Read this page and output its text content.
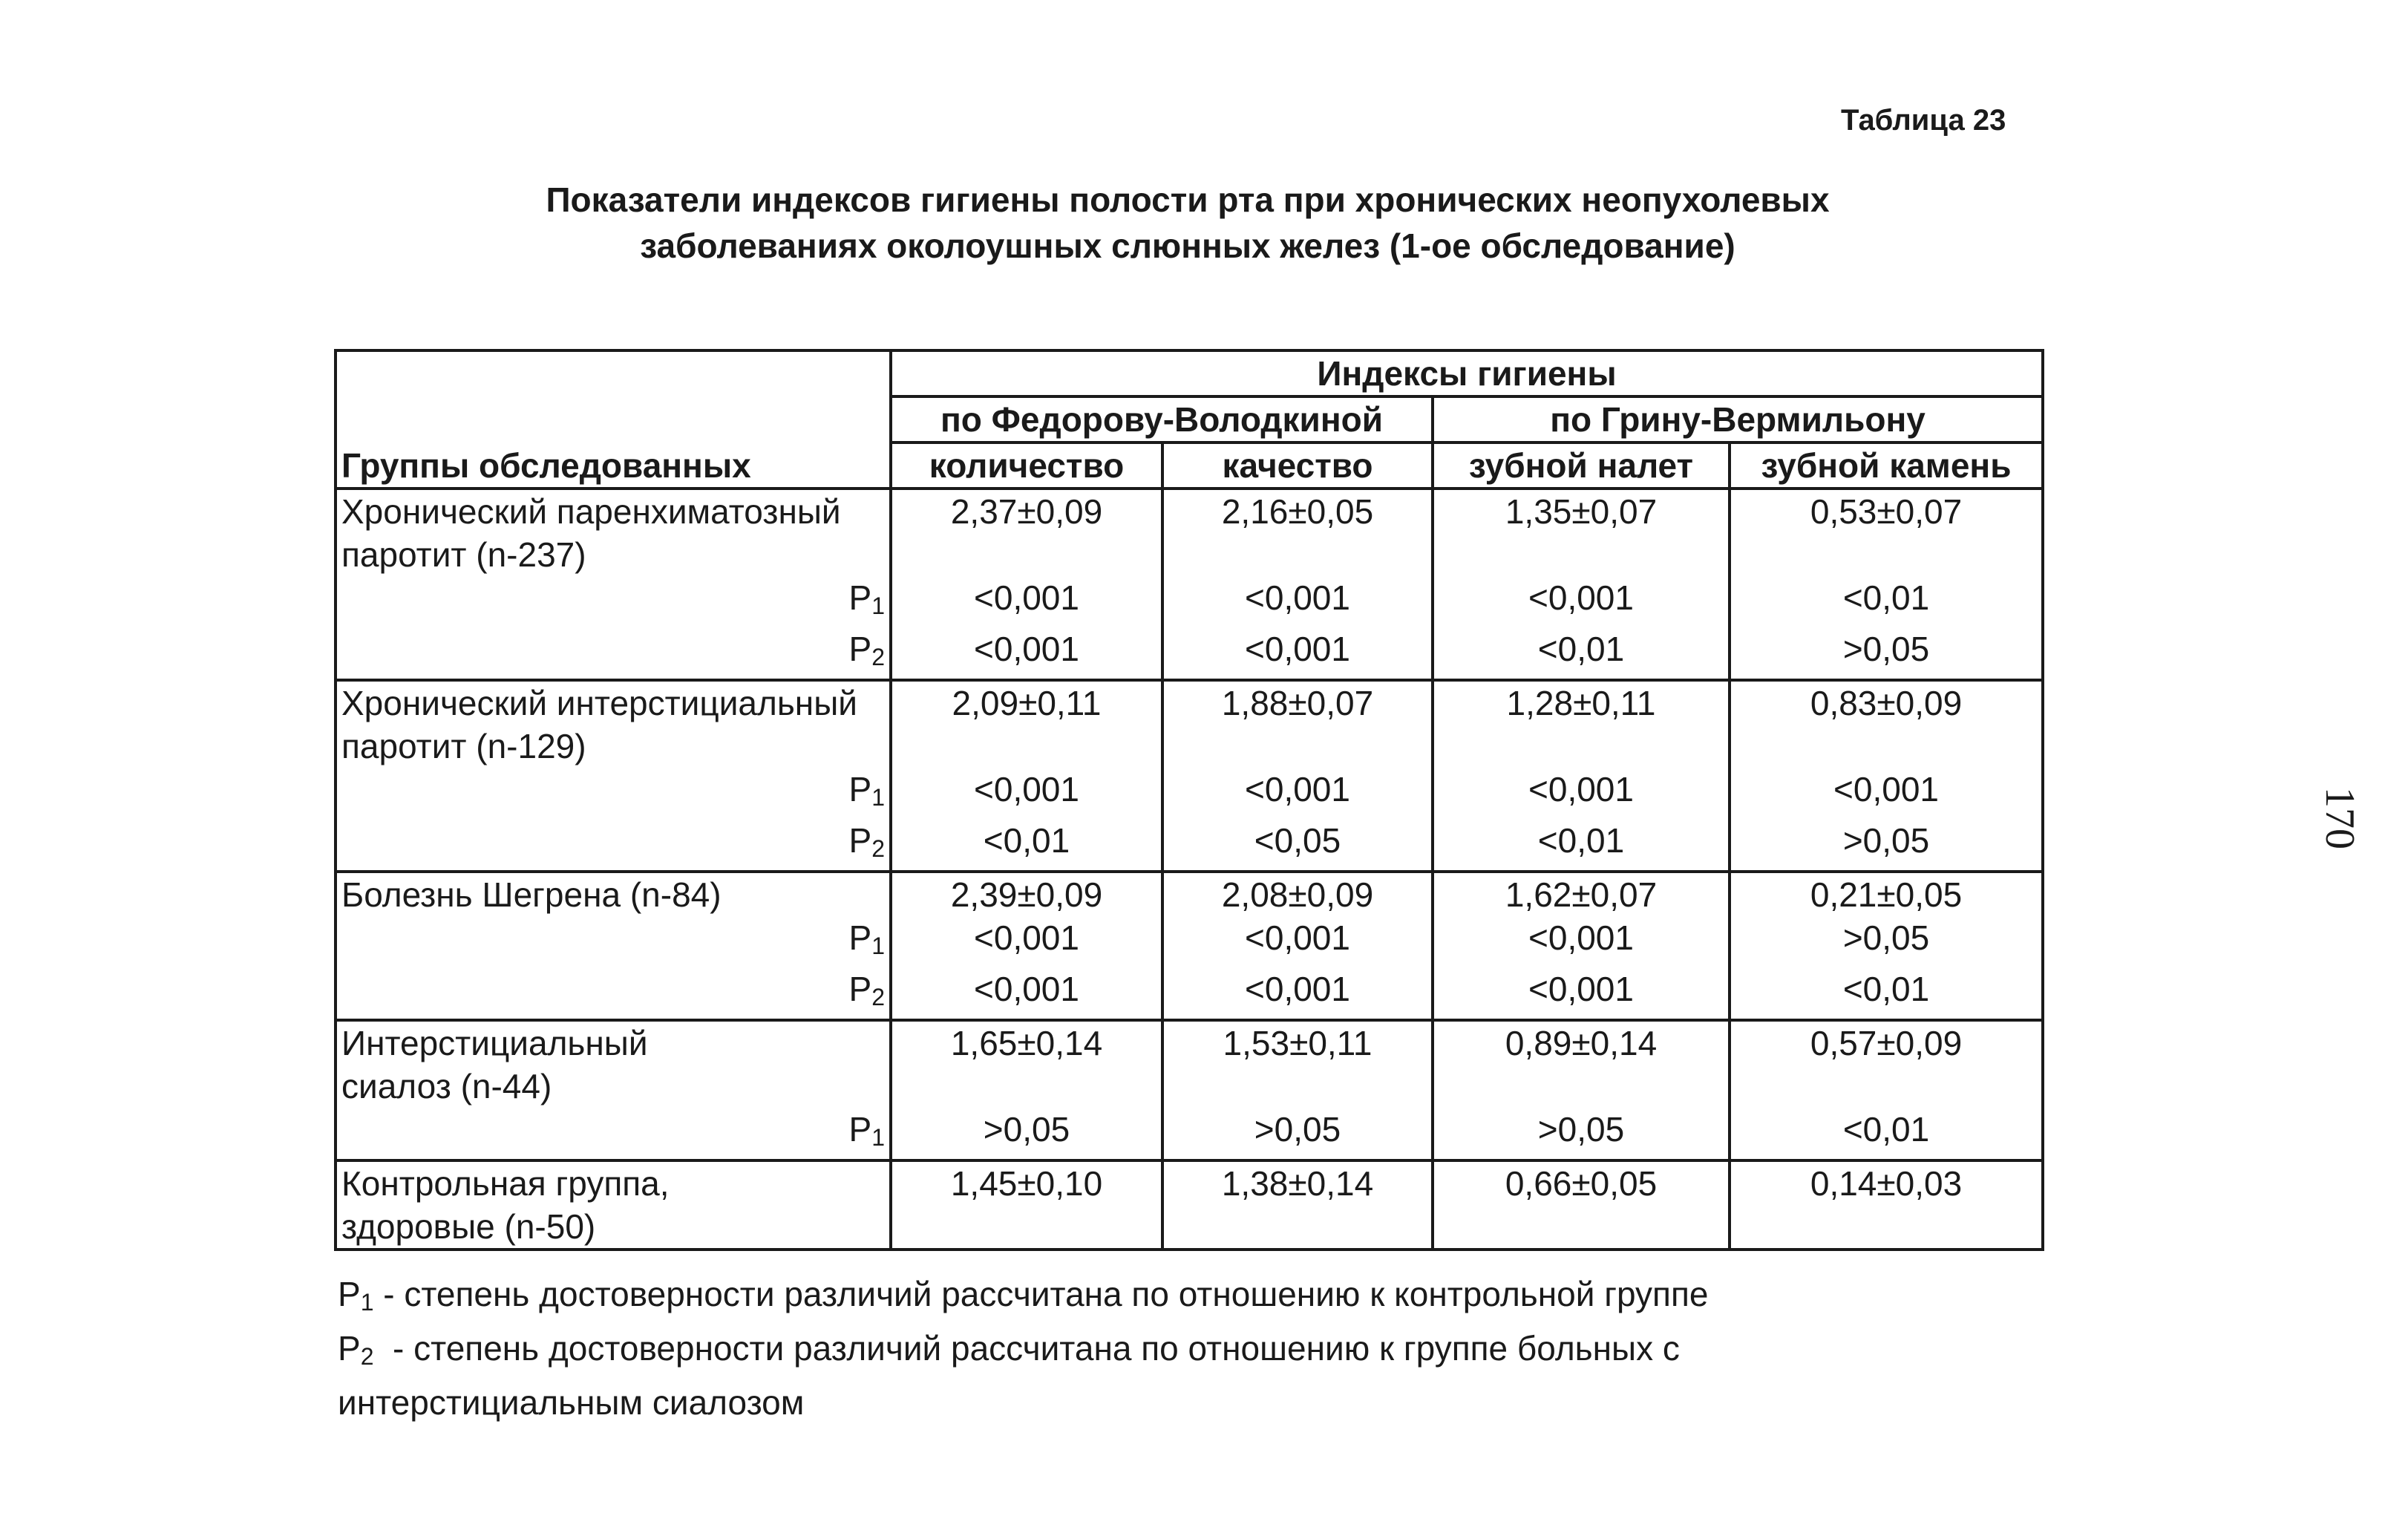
Таблица 23
Показатели индексов гигиены полости рта при хронических неопухолевых
заболеваниях околоушных слюнных желез (1-ое обследование)
Группы обследованных	Индексы гигиены			
	по Федорову-Володкиной		по Грину-Вермильону	
	количество	качество	зубной налет	зубной камень
Хронический паренхиматозный	2,37±0,09	2,16±0,05	1,35±0,07	0,53±0,07
паротит (n-237)				
Р1	<0,001	<0,001	<0,001	<0,01
Р2	<0,001	<0,001	<0,01	>0,05
Хронический интерстициальный	2,09±0,11	1,88±0,07	1,28±0,11	0,83±0,09
паротит (n-129)				
Р1	<0,001	<0,001	<0,001	<0,001
Р2	<0,01	<0,05	<0,01	>0,05
Болезнь Шегрена (n-84)	2,39±0,09	2,08±0,09	1,62±0,07	0,21±0,05
Р1	<0,001	<0,001	<0,001	>0,05
Р2	<0,001	<0,001	<0,001	<0,01
Интерстициальный	1,65±0,14	1,53±0,11	0,89±0,14	0,57±0,09
сиалоз (n-44)				
Р1	>0,05	>0,05	>0,05	<0,01
Контрольная группа,	1,45±0,10	1,38±0,14	0,66±0,05	0,14±0,03
здоровые (n-50)				
Р1 - степень достоверности различий рассчитана по отношению к контрольной группе
Р2  - степень достоверности различий рассчитана по отношению к группе больных с
интерстициальным сиалозом
170
